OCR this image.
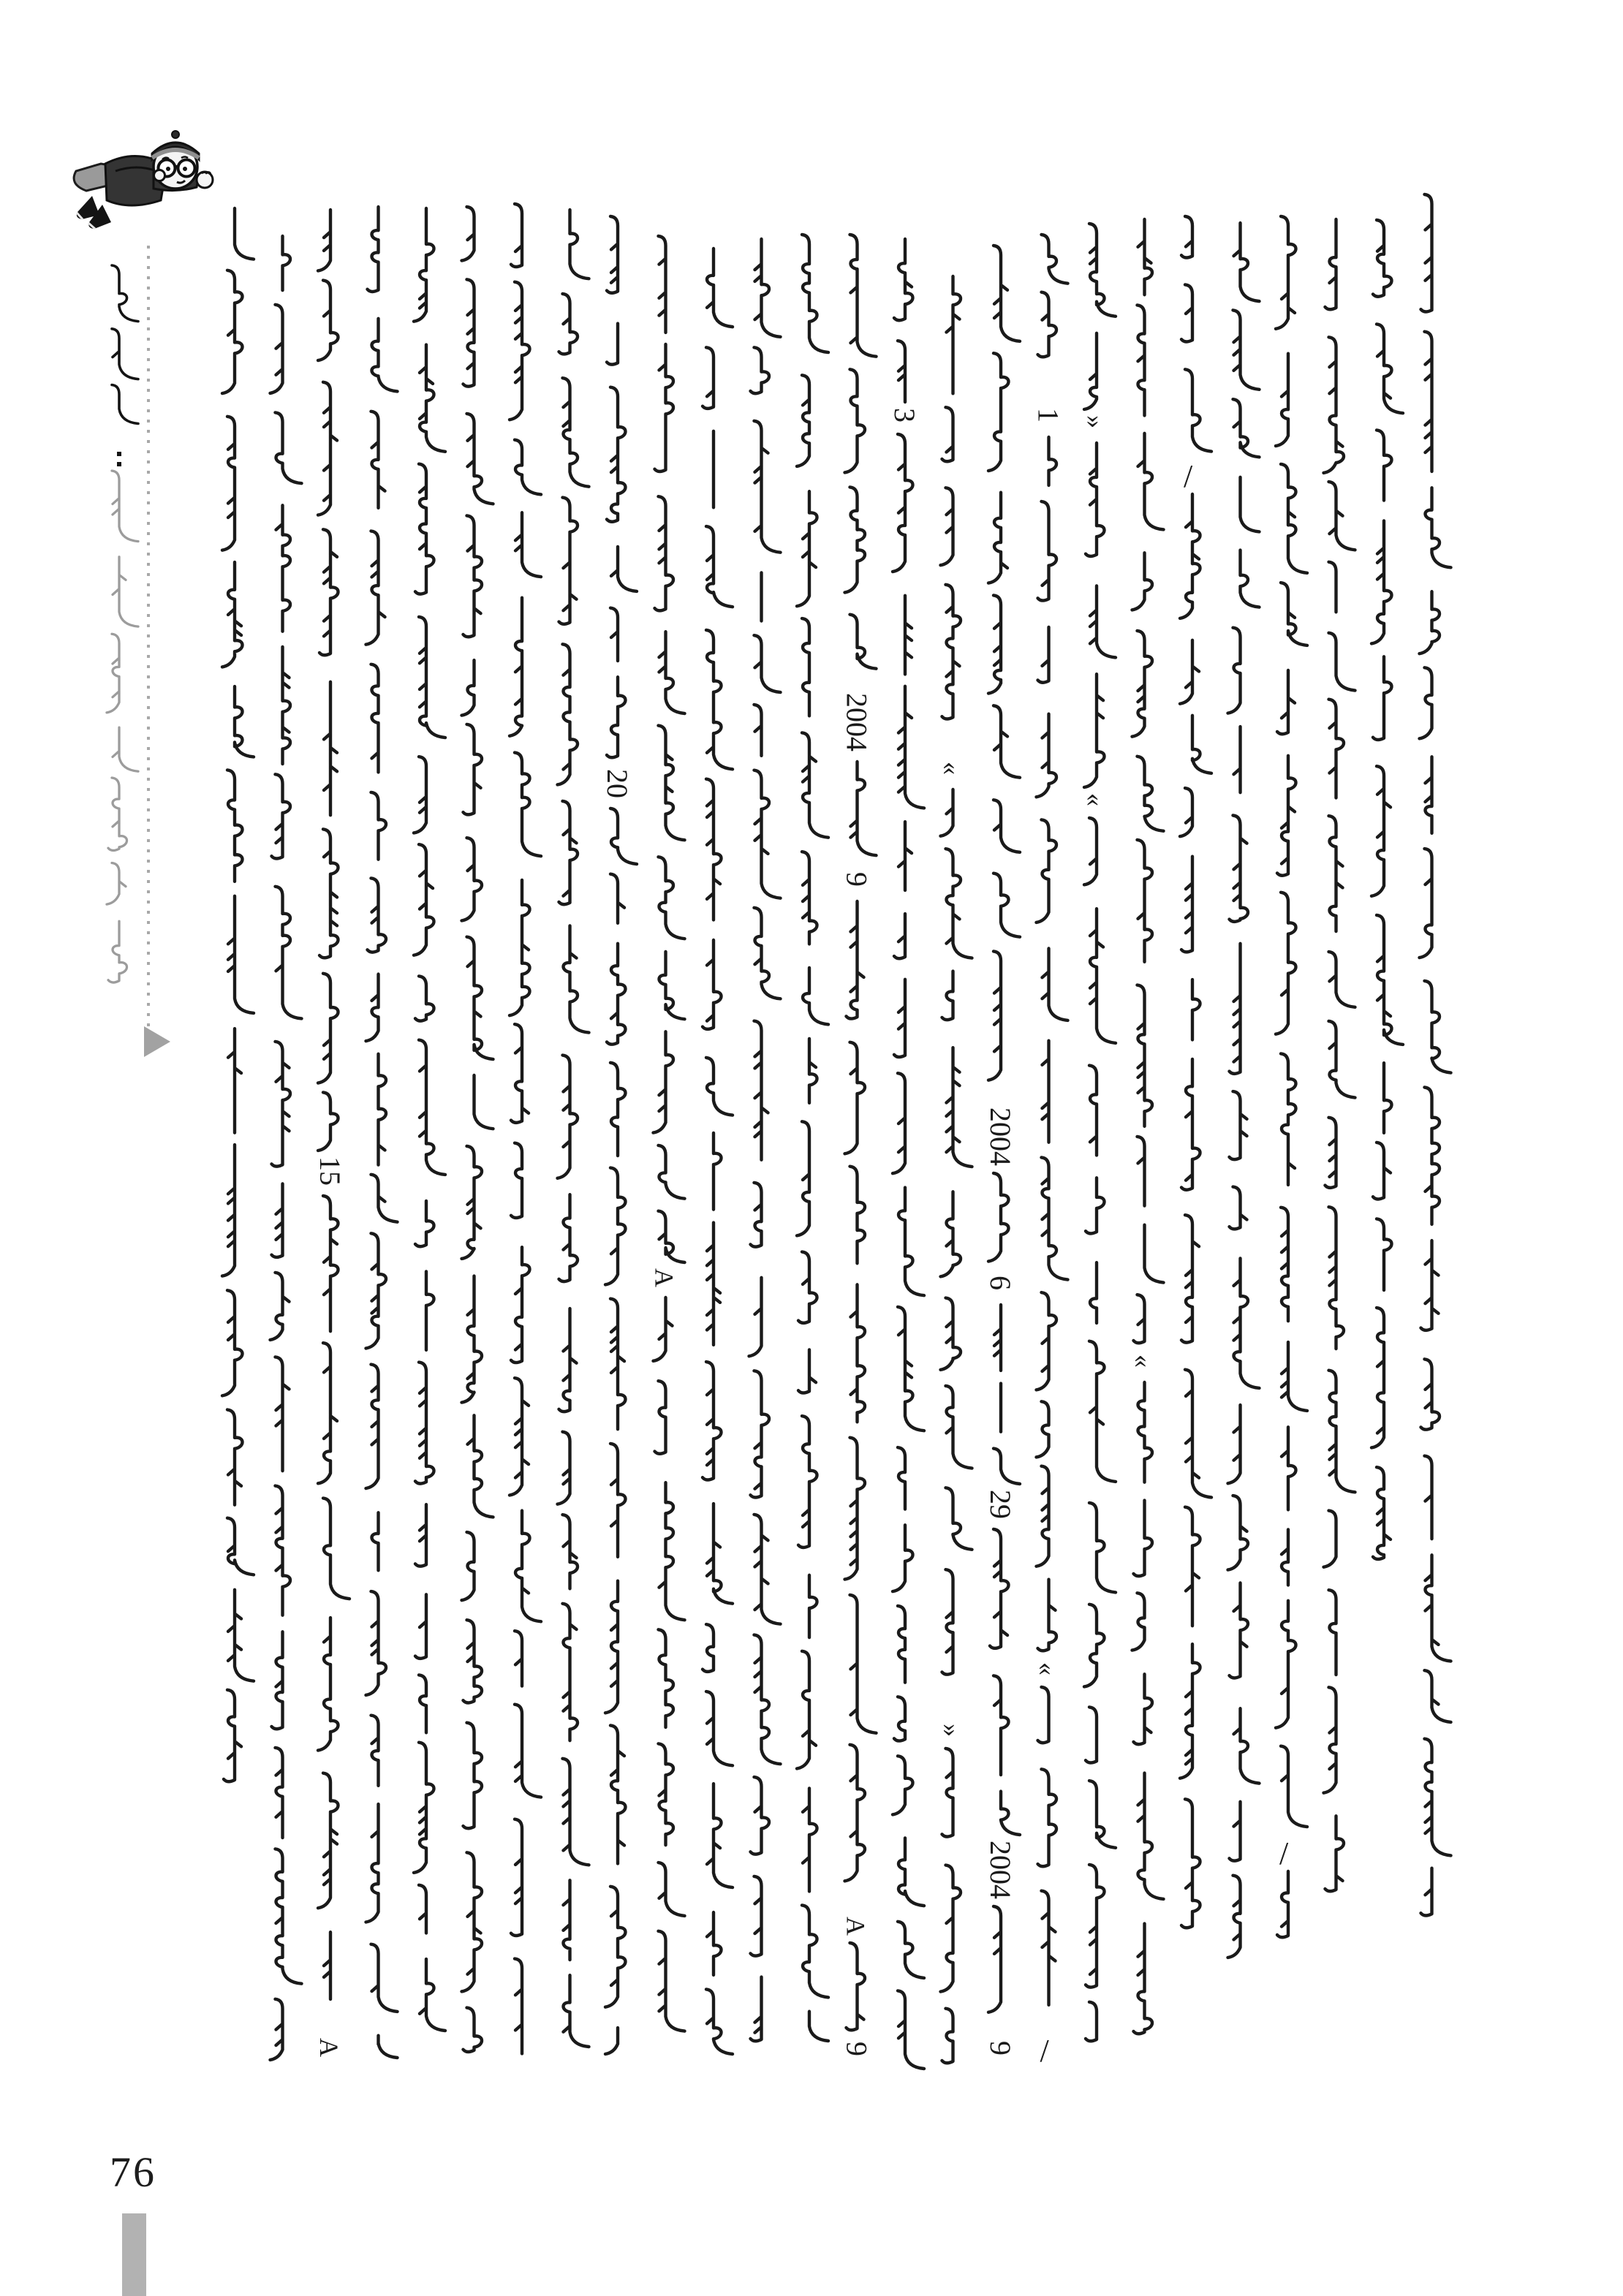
15
A
20
A
2004
9
A
9
3
«
»
2004
6
29
2004
9
1
«
/
»
«
«
/
/
76
